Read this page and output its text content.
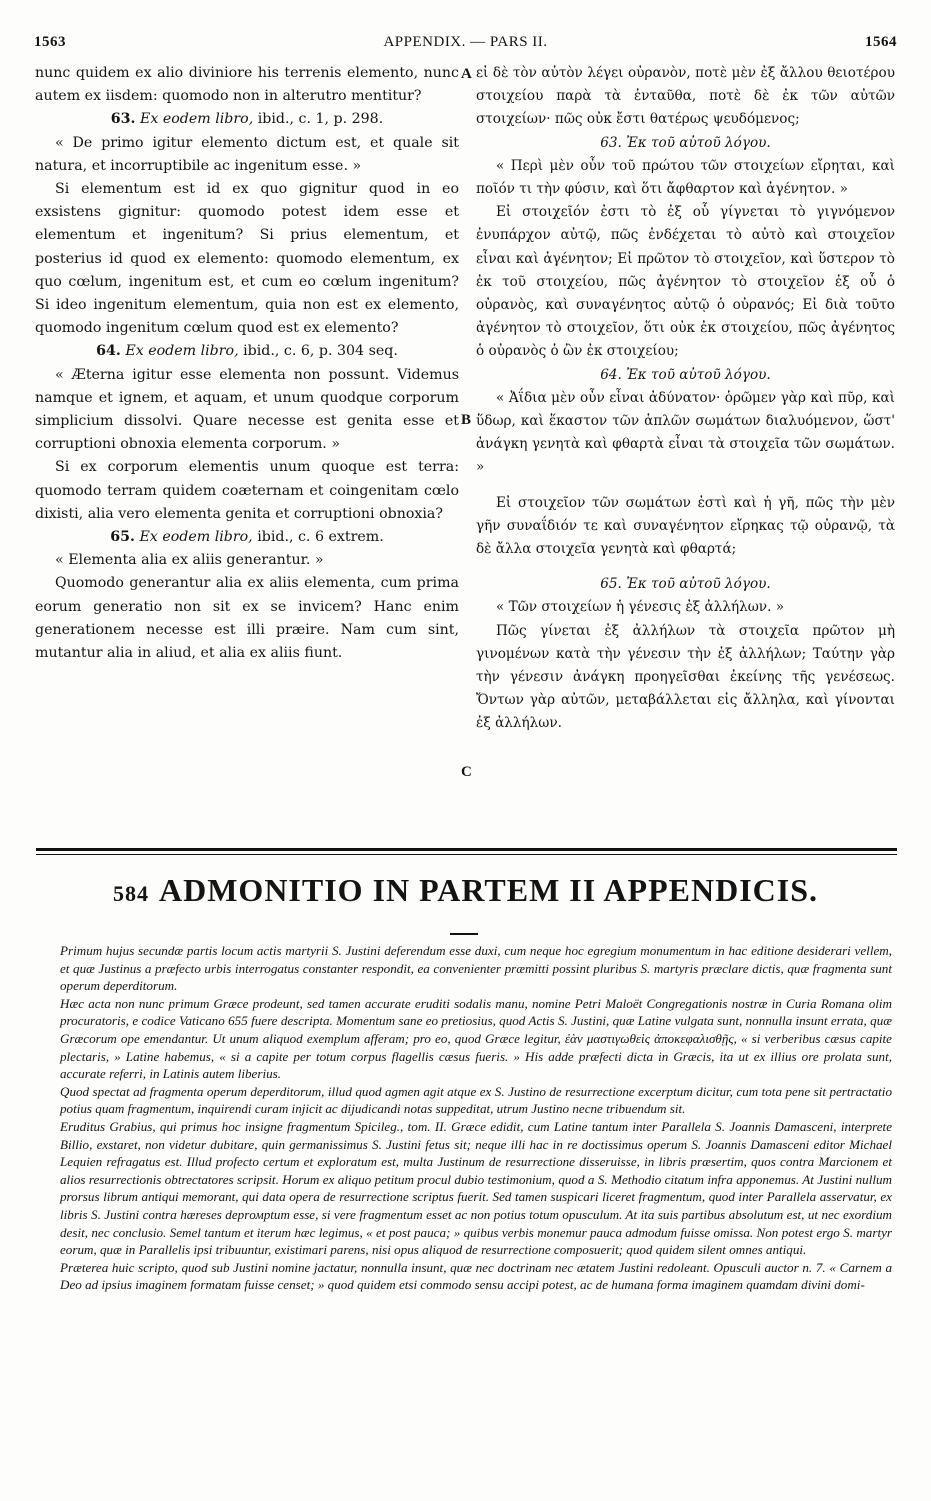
1563	APPENDIX. — PARS II.	1564

nunc quidem ex alio diviniore his terrenis elemento, nunc autem ex iisdem: quomodo non in alterutro mentitur?

63. Ex eodem libro, ibid., c. 1, p. 298.

« De primo igitur elemento dictum est, et quale sit natura, et incorruptibile ac ingenitum esse. »

Si elementum est id ex quo gignitur quod in eo exsistens gignitur: quomodo potest idem esse et elementum et ingenitum? Si prius elementum, et posterius id quod ex elemento: quomodo elementum, ex quo cœlum, ingenitum est, et cum eo cœlum ingenitum? Si ideo ingenitum elementum, quia non est ex elemento, quomodo ingenitum cœlum quod est ex elemento?

64. Ex eodem libro, ibid., c. 6, p. 304 seq.

« Æterna igitur esse elementa non possunt. Videmus namque et ignem, et aquam, et unum quodque corporum simplicium dissolvi. Quare necesse est genita esse et corruptioni obnoxia elementa corporum. »

Si ex corporum elementis unum quoque est terra: quomodo terram quidem coæternam et coingenitam cœlo dixisti, alia vero elementa genita et corruptioni obnoxia?

65. Ex eodem libro, ibid., c. 6 extrem.

« Elementa alia ex aliis generantur. »

Quomodo generantur alia ex aliis elementa, cum prima eorum generatio non sit ex se invicem? Hanc enim generationem necesse est illi præire. Nam cum sint, mutantur alia in aliud, et alia ex aliis fiunt.

εἰ δὲ τὸν αὐτὸν λέγει οὐρανὸν, ποτὲ μὲν ἐξ ἄλλου θειοτέρου στοιχείου παρὰ τὰ ἐνταῦθα, ποτὲ δὲ ἐκ τῶν αὐτῶν στοιχείων· πῶς οὐκ ἔστι θατέρως ψευδόμενος;

63. Ἐκ τοῦ αὐτοῦ λόγου.

« Περὶ μὲν οὖν τοῦ πρώτου τῶν στοιχείων εἴρηται, καὶ ποῖόν τι τὴν φύσιν, καὶ ὅτι ἄφθαρτον καὶ ἀγένητον. »

Εἰ στοιχεῖόν ἐστι τὸ ἐξ οὗ γίγνεται τὸ γιγνόμενον ἐνυπάρχον αὐτῷ, πῶς ἐνδέχεται τὸ αὐτὸ καὶ στοιχεῖον εἶναι καὶ ἀγένητον; Εἰ πρῶτον τὸ στοιχεῖον, καὶ ὕστερον τὸ ἐκ τοῦ στοιχείου, πῶς ἀγένητον τὸ στοιχεῖον ἐξ οὗ ὁ οὐρανὸς, καὶ συναγένητος αὐτῷ ὁ οὐρανός; Εἰ διὰ τοῦτο ἀγένητον τὸ στοιχεῖον, ὅτι οὐκ ἐκ στοιχείου, πῶς ἀγένητος ὁ οὐρανὸς ὁ ὢν ἐκ στοιχείου;

64. Ἐκ τοῦ αὐτοῦ λόγου.

« Ἀΐδια μὲν οὖν εἶναι ἀδύνατον· ὁρῶμεν γὰρ καὶ πῦρ, καὶ ὕδωρ, καὶ ἕκαστον τῶν ἁπλῶν σωμάτων διαλυόμενον, ὥστ' ἀνάγκη γενητὰ καὶ φθαρτὰ εἶναι τὰ στοιχεῖα τῶν σωμάτων. »

Εἰ στοιχεῖον τῶν σωμάτων ἐστὶ καὶ ἡ γῆ, πῶς τὴν μὲν γῆν συναΐδιόν τε καὶ συναγένητον εἴρηκας τῷ οὐρανῷ, τὰ δὲ ἄλλα στοιχεῖα γενητὰ καὶ φθαρτά;

65. Ἐκ τοῦ αὐτοῦ λόγου.

« Τῶν στοιχείων ἡ γένεσις ἐξ ἀλλήλων. »

Πῶς γίνεται ἐξ ἀλλήλων τὰ στοιχεῖα πρῶτον μὴ γινομένων κατὰ τὴν γένεσιν τὴν ἐξ ἀλλήλων; Ταύτην γὰρ τὴν γένεσιν ἀνάγκη προηγεῖσθαι ἐκείνης τῆς γενέσεως. Ὄντων γὰρ αὐτῶν, μεταβάλλεται εἰς ἄλληλα, καὶ γίνονται ἐξ ἀλλήλων.

A
B
C
584 ADMONITIO IN PARTEM II APPENDICIS.

Primum hujus secundæ partis locum actis martyrii S. Justini deferendum esse duxi, cum neque hoc egregium monumentum in hac editione desiderari vellem, et quæ Justinus a præfecto urbis interrogatus constanter respondit, ea convenienter præmitti possint pluribus S. martyris præclare dictis, quæ fragmenta sunt operum deperditorum.

Hæc acta non nunc primum Græce prodeunt, sed tamen accurate eruditi sodalis manu, nomine Petri Maloët Congregationis nostræ in Curia Romana olim procuratoris, e codice Vaticano 655 fuere descripta. Momentum sane eo pretiosius, quod Actis S. Justini, quæ Latine vulgata sunt, nonnulla insunt errata, quæ Græcorum ope emendantur. Ut unum aliquod exemplum afferam; pro eo, quod Græce legitur, ἐὰν μαστιγωθεὶς ἀποκεφαλισθῇς, « si verberibus cæsus capite plectaris, » Latine habemus, « si a capite per totum corpus flagellis cæsus fueris. » His adde præfecti dicta in Græcis, ita ut ex illius ore prolata sunt, accurate referri, in Latinis autem liberius.

Quod spectat ad fragmenta operum deperditorum, illud quod agmen agit atque ex S. Justino de resurrectione excerptum dicitur, cum tota pene sit pertractatio potius quam fragmentum, inquirendi curam injicit ac dijudicandi notas suppeditat, utrum Justino necne tribuendum sit.

Eruditus Grabius, qui primus hoc insigne fragmentum Spicileg., tom. II. Græce edidit, cum Latine tantum inter Parallela S. Joannis Damasceni, interprete Billio, exstaret, non videtur dubitare, quin germanissimus S. Justini fetus sit; neque illi hac in re doctissimus operum S. Joannis Damasceni editor Michael Lequien refragatus est. Illud profecto certum et exploratum est, multa Justinum de resurrectione disseruisse, in libris præsertim, quos contra Marcionem et alios resurrectionis obtrectatores scripsit. Horum ex aliquo petitum procul dubio testimonium, quod a S. Methodio citatum infra apponemus. At Justini nullum prorsus librum antiqui memorant, qui data opera de resurrectione scriptus fuerit. Sed tamen suspicari liceret fragmentum, quod inter Parallela asservatur, ex libris S. Justini contra hæreses deprомptum esse, si vere fragmentum esset ac non potius totum opusculum. At ita suis partibus absolutum est, ut nec exordium desit, nec conclusio. Semel tantum et iterum hæc legimus, « et post pauca; » quibus verbis monemur pauca admodum fuisse omissa. Non potest ergo S. martyr eorum, quæ in Parallelis ipsi tribuuntur, existimari parens, nisi opus aliquod de resurrectione composuerit; quod quidem silent omnes antiqui.

Præterea huic scripto, quod sub Justini nomine jactatur, nonnulla insunt, quæ nec doctrinam nec ætatem Justini redoleant. Opusculi auctor n. 7. « Carnem a Deo ad ipsius imaginem formatam fuisse censet; » quod quidem etsi commodo sensu accipi potest, ac de humana forma imaginem quamdam divini domi-
